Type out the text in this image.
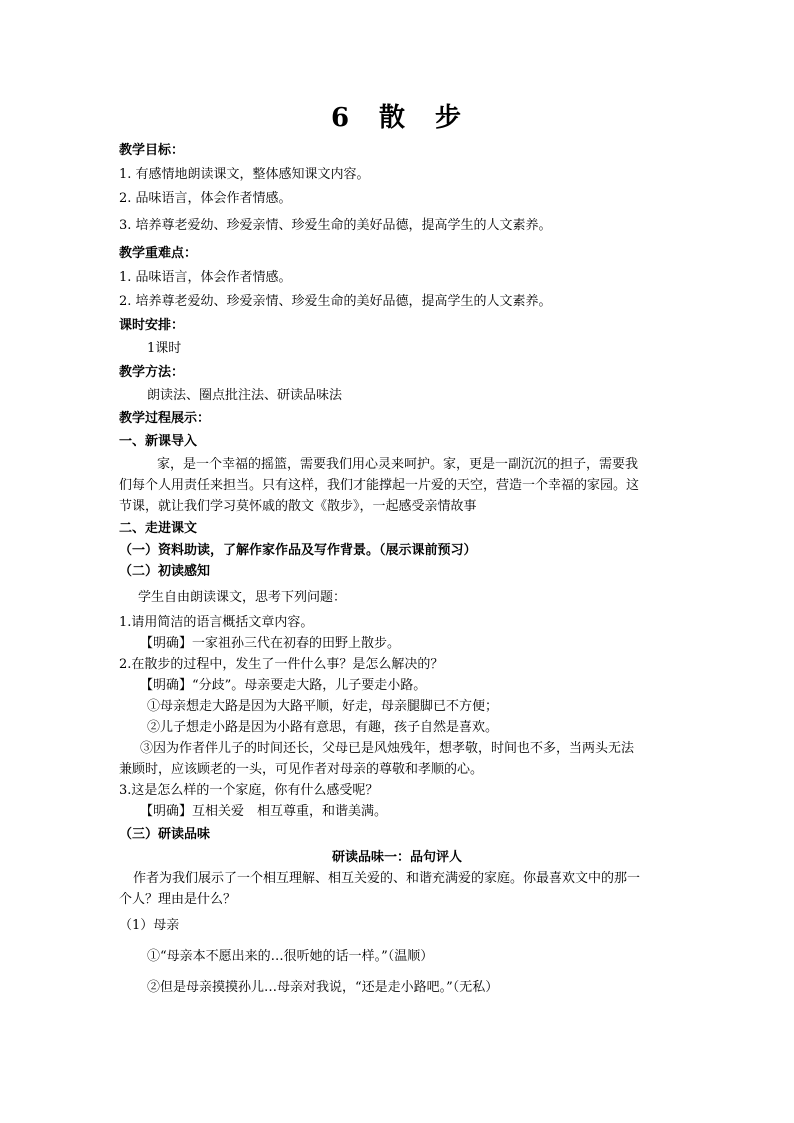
6　散　步
教学目标：
1. 有感情地朗读课文，整体感知课文内容。
2. 品味语言，体会作者情感。
3. 培养尊老爱幼、珍爱亲情、珍爱生命的美好品德，提高学生的人文素养。
教学重难点：
1. 品味语言，体会作者情感。
2. 培养尊老爱幼、珍爱亲情、珍爱生命的美好品德，提高学生的人文素养。
课时安排：
1课时
教学方法：
朗读法、圈点批注法、研读品味法
教学过程展示：
一、新课导入
家，是一个幸福的摇篮，需要我们用心灵来呵护。家，更是一副沉沉的担子，需要我
们每个人用责任来担当。只有这样，我们才能撑起一片爱的天空，营造一个幸福的家园。这
节课，就让我们学习莫怀戚的散文《散步》，一起感受亲情故事
二、走进课文
（一）资料助读，了解作家作品及写作背景。（展示课前预习）
（二）初读感知
学生自由朗读课文，思考下列问题：
1.请用简洁的语言概括文章内容。
【明确】一家祖孙三代在初春的田野上散步。
2.在散步的过程中，发生了一件什么事？是怎么解决的？
【明确】“分歧”。母亲要走大路，儿子要走小路。
①母亲想走大路是因为大路平顺，好走，母亲腿脚已不方便；
②儿子想走小路是因为小路有意思，有趣，孩子自然是喜欢。
③因为作者伴儿子的时间还长，父母已是风烛残年，想孝敬，时间也不多，当两头无法
兼顾时，应该顾老的一头，可见作者对母亲的尊敬和孝顺的心。
3.这是怎么样的一个家庭，你有什么感受呢？
【明确】互相关爱　相互尊重，和谐美满。
（三）研读品味
研读品味一：品句评人
作者为我们展示了一个相互理解、相互关爱的、和谐充满爱的家庭。你最喜欢文中的那一
个人？理由是什么？
（1）母亲
①“母亲本不愿出来的…很听她的话一样。”（温顺）
②但是母亲摸摸孙儿…母亲对我说，“还是走小路吧。”（无私）
